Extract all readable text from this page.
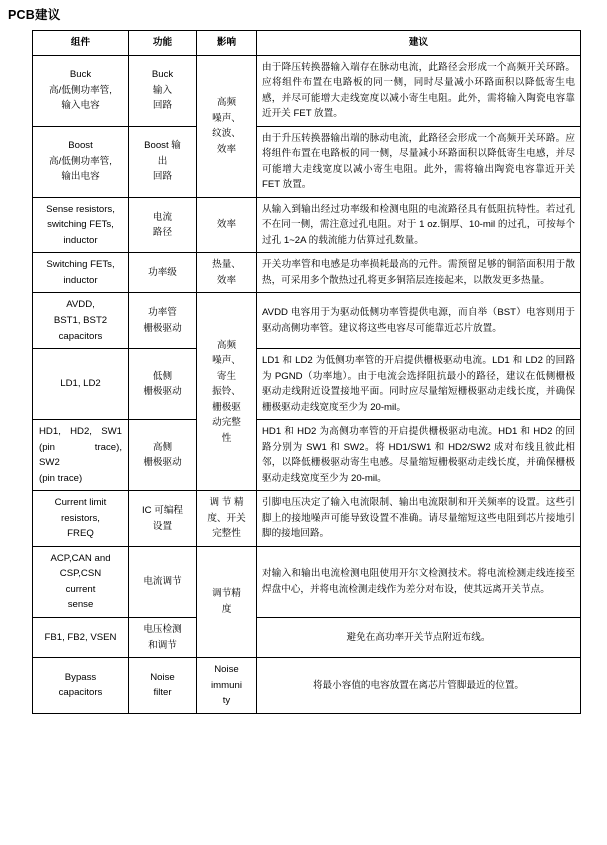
PCB建议
组件	功能	影响	建议
Buck
高/低侧功率管,
输入电容	Buck
输入
回路	高频
噪声、
纹波、
效率	由于降压转换器输入端存在脉动电流，此路径会形成一个高频开关环路。应将组件布置在电路板的同一侧，同时尽量减小环路面积以降低寄生电感，并尽可能增大走线宽度以减小寄生电阻。此外，需将输入陶瓷电容靠近开关 FET 放置。
Boost
高/低侧功率管,
输出电容	Boost 输
出
回路		由于升压转换器输出端的脉动电流，此路径会形成一个高频开关环路。应将组件布置在电路板的同一侧，尽量减小环路面积以降低寄生电感，并尽可能增大走线宽度以减小寄生电阻。此外，需将输出陶瓷电容靠近开关 FET 放置。
Sense resistors,
switching FETs,
inductor	电流
路径	效率	从输入到输出经过功率级和检测电阻的电流路径具有低阻抗特性。若过孔不在同一侧，需注意过孔电阻。对于 1 oz.铜厚、10-mil 的过孔，可按每个过孔 1~2A 的载流能力估算过孔数量。
Switching FETs,
inductor	功率级	热量、
效率	开关功率管和电感是功率损耗最高的元件。需预留足够的铜箔面积用于散热，可采用多个散热过孔将更多铜箔层连接起来，以散发更多热量。
AVDD,
BST1, BST2
capacitors	功率管
栅极驱动	高频
噪声、
寄生
振铃、
栅极驱
动完整
性	AVDD 电容用于为驱动低侧功率管提供电源，而自举（BST）电容则用于驱动高侧功率管。建议将这些电容尽可能靠近芯片放置。
LD1, LD2	低侧
栅极驱动		LD1 和 LD2 为低侧功率管的开启提供栅极驱动电流。LD1 和 LD2 的回路为 PGND（功率地）。由于电流会选择阻抗最小的路径，建议在低侧栅极驱动走线附近设置接地平面。同时应尽量缩短栅极驱动走线长度，并确保栅极驱动走线宽度至少为 20-mil。

HD1, HD2, SW1
(pin trace),
SW2
(pin trace)	高侧
栅极驱动		HD1 和 HD2 为高侧功率管的开启提供栅极驱动电流。HD1 和 HD2 的回路分别为 SW1 和 SW2。将 HD1/SW1 和 HD2/SW2 成对布线且彼此相邻，以降低栅极驱动寄生电感。尽量缩短栅极驱动走线长度，并确保栅极驱动走线宽度至少为 20-mil。
Current limit
resistors,
FREQ	IC 可编程
设置	调 节 精
度、开关
完整性	引脚电压决定了输入电流限制、输出电流限制和开关频率的设置。这些引脚上的接地噪声可能导致设置不准确。请尽量缩短这些电阻到芯片接地引脚的接地回路。
ACP,CAN and
CSP,CSN
current
sense	电流调节	调节精
度	对输入和输出电流检测电阻使用开尔文检测技术。将电流检测走线连接至焊盘中心，并将电流检测走线作为差分对布设，使其远离开关节点。
FB1, FB2, VSEN	电压检测
和调节		避免在高功率开关节点附近布线。
Bypass
capacitors	Noise
filter	Noise
immuni
ty	将最小容值的电容放置在离芯片管脚最近的位置。
